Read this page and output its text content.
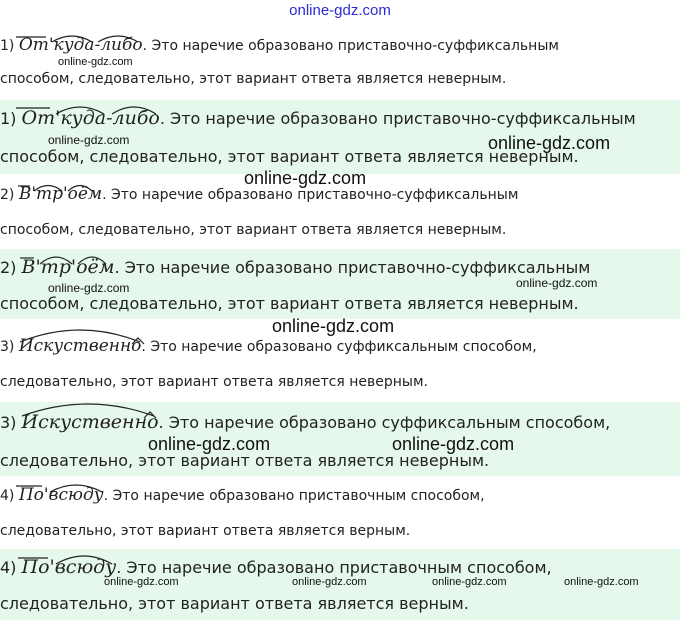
online-gdz.com
1) От'куда-либо. Это наречие образовано приставочно-суффиксальным
способом, следовательно, этот вариант ответа является неверным.
online-gdz.com
1) От'куда-либо. Это наречие образовано приставочно-суффиксальным
способом, следовательно, этот вариант ответа является неверным.
online-gdz.com	online-gdz.com
online-gdz.com
2) В'тр'оём. Это наречие образовано приставочно-суффиксальным
способом, следовательно, этот вариант ответа является неверным.
2) В'тр'оём. Это наречие образовано приставочно-суффиксальным
способом, следовательно, этот вариант ответа является неверным.
online-gdz.com	online-gdz.com
online-gdz.com
3) Искуственно. Это наречие образовано суффиксальным способом,
следовательно, этот вариант ответа является неверным.
3) Искуственно. Это наречие образовано суффиксальным способом,
следовательно, этот вариант ответа является неверным.
online-gdz.com	online-gdz.com
4) По'всюду. Это наречие образовано приставочным способом,
следовательно, этот вариант ответа является верным.
4) По'всюду. Это наречие образовано приставочным способом,
следовательно, этот вариант ответа является верным.
online-gdz.com	online-gdz.com	online-gdz.com	online-gdz.com
